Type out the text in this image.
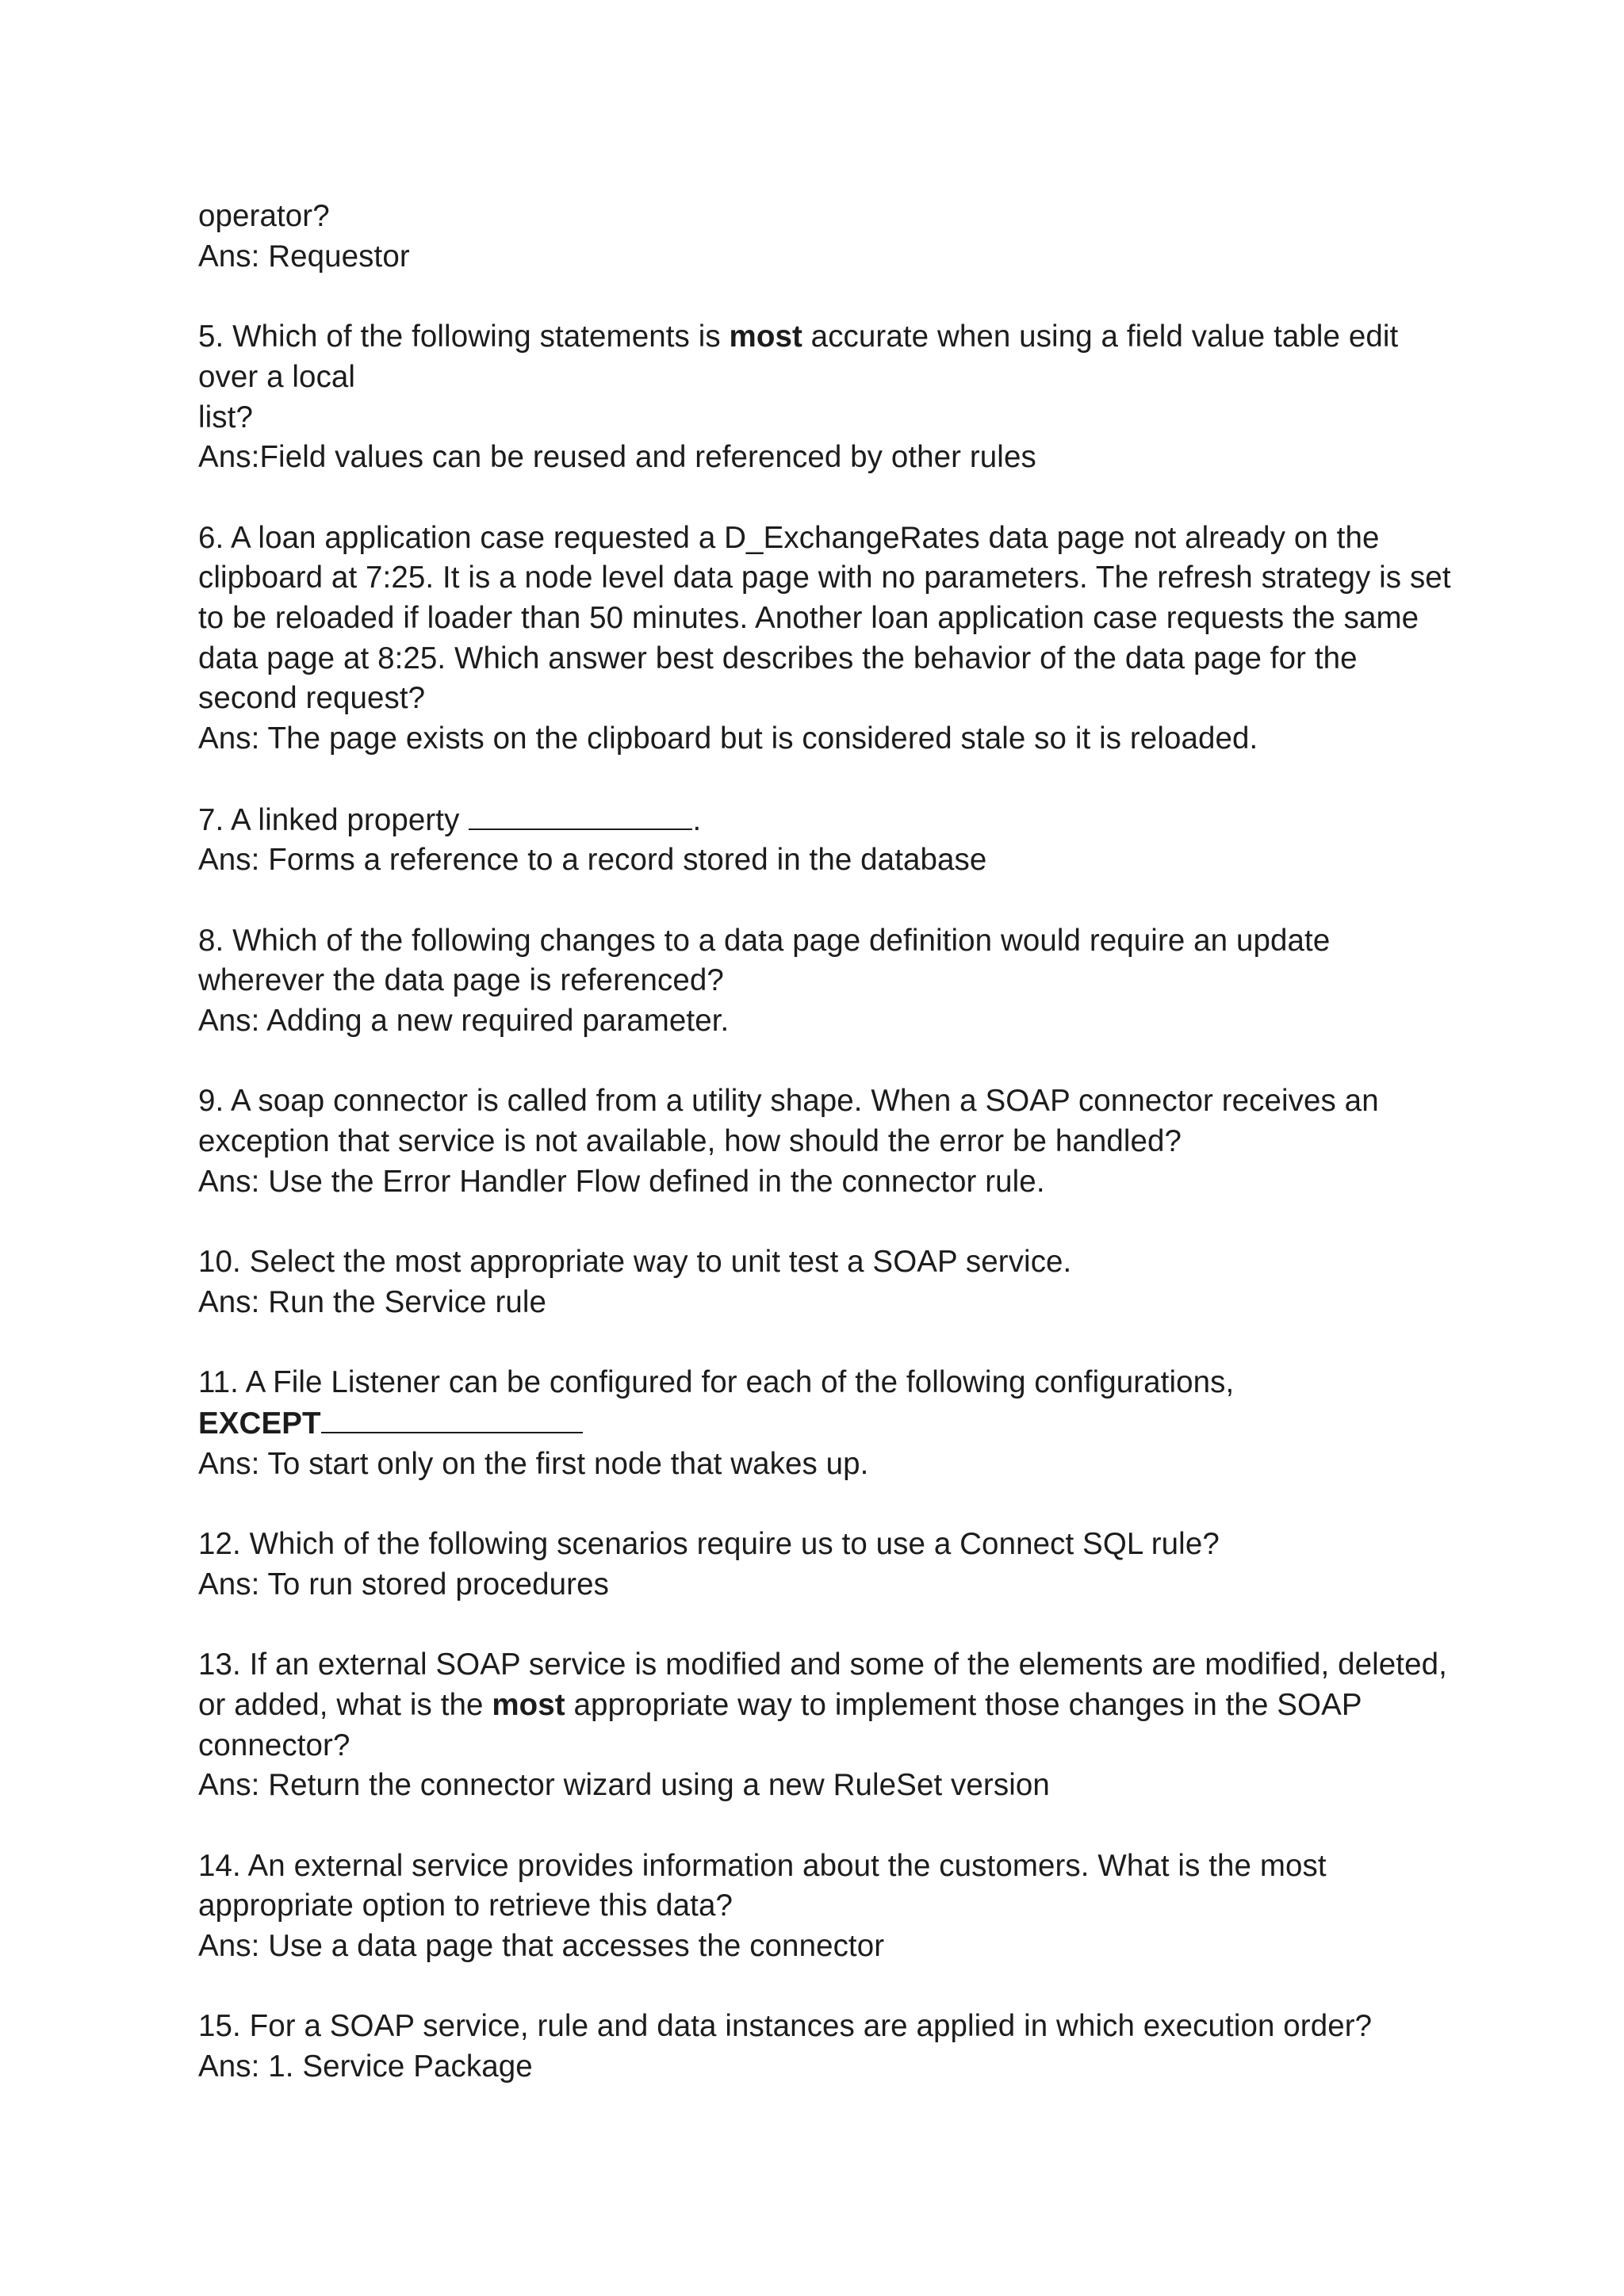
operator?
Ans: Requestor
5. Which of the following statements is most accurate when using a field value table edit
over a local
list?
Ans:Field values can be reused and referenced by other rules
6. A loan application case requested a D_ExchangeRates data page not already on the
clipboard at 7:25. It is a node level data page with no parameters. The refresh strategy is set
to be reloaded if loader than 50 minutes. Another loan application case requests the same
data page at 8:25. Which answer best describes the behavior of the data page for the
second request?
Ans: The page exists on the clipboard but is considered stale so it is reloaded.
7. A linked property	.
Ans: Forms a reference to a record stored in the database
8. Which of the following changes to a data page definition would require an update
wherever the data page is referenced?
Ans: Adding a new required parameter.
9. A soap connector is called from a utility shape. When a SOAP connector receives an
exception that service is not available, how should the error be handled?
Ans: Use the Error Handler Flow defined in the connector rule.
10. Select the most appropriate way to unit test a SOAP service.
Ans: Run the Service rule
11. A File Listener can be configured for each of the following configurations,
EXCEPT
Ans: To start only on the first node that wakes up.
12. Which of the following scenarios require us to use a Connect SQL rule?
Ans: To run stored procedures
13. If an external SOAP service is modified and some of the elements are modified, deleted,
or added, what is the most appropriate way to implement those changes in the SOAP
connector?
Ans: Return the connector wizard using a new RuleSet version
14. An external service provides information about the customers. What is the most
appropriate option to retrieve this data?
Ans: Use a data page that accesses the connector
15. For a SOAP service, rule and data instances are applied in which execution order?
Ans: 1. Service Package
